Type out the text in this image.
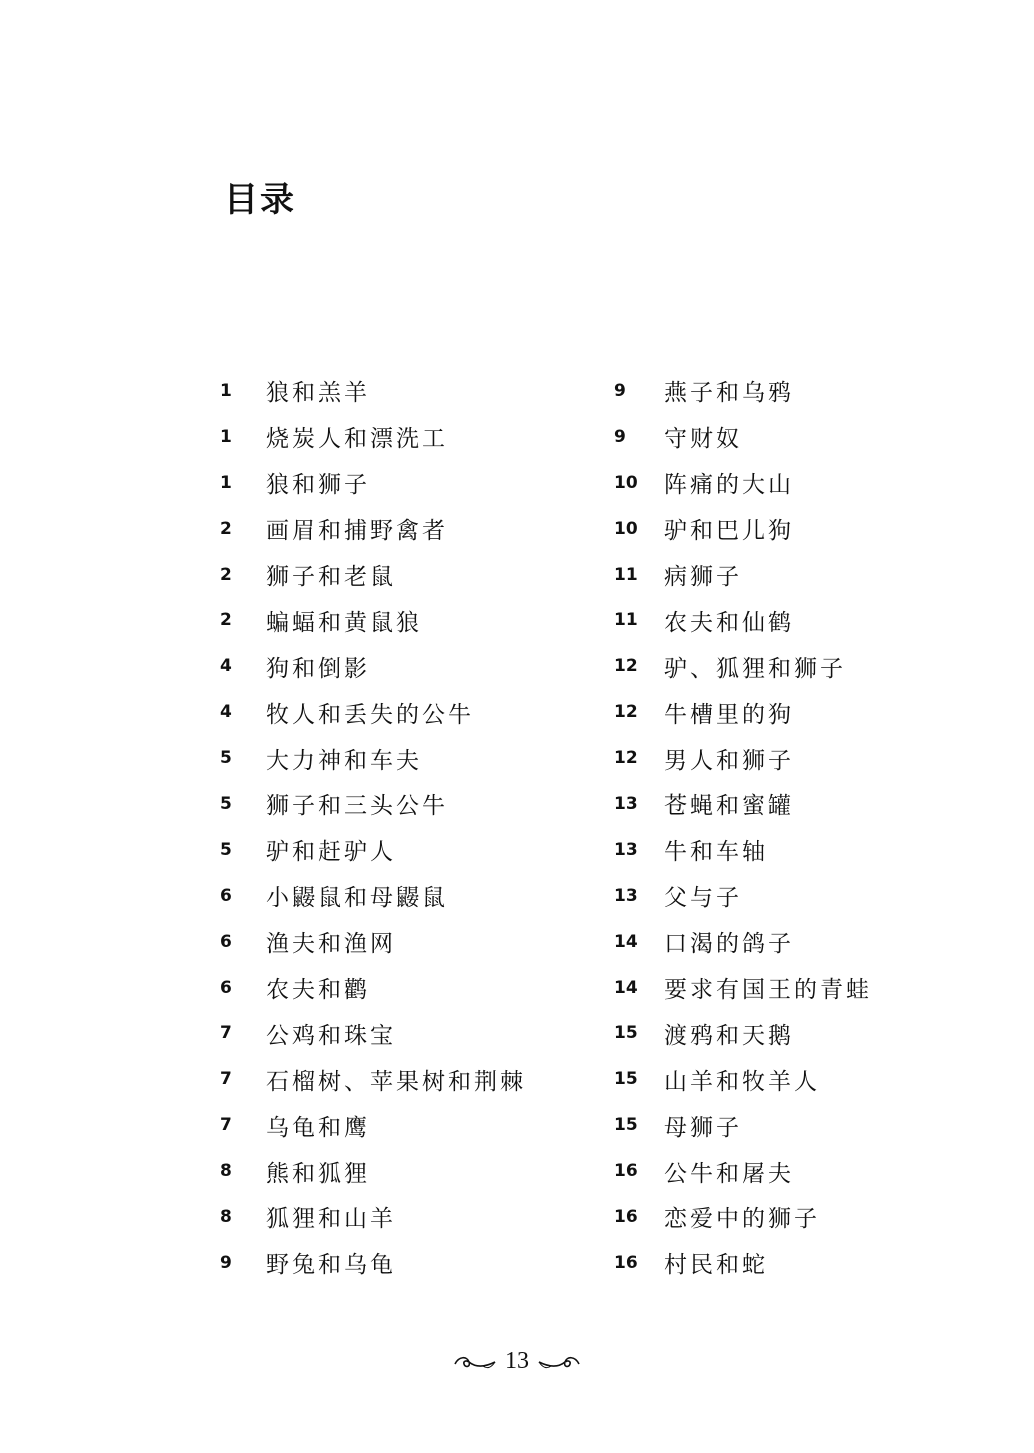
目录
1	狼和羔羊
1	烧炭人和漂洗工
1	狼和狮子
2	画眉和捕野禽者
2	狮子和老鼠
2	蝙蝠和黄鼠狼
4	狗和倒影
4	牧人和丢失的公牛
5	大力神和车夫
5	狮子和三头公牛
5	驴和赶驴人
6	小鼹鼠和母鼹鼠
6	渔夫和渔网
6	农夫和鹳
7	公鸡和珠宝
7	石榴树、苹果树和荆棘
7	乌龟和鹰
8	熊和狐狸
8	狐狸和山羊
9	野兔和乌龟
9	燕子和乌鸦
9	守财奴
10	阵痛的大山
10	驴和巴儿狗
11	病狮子
11	农夫和仙鹤
12	驴、狐狸和狮子
12	牛槽里的狗
12	男人和狮子
13	苍蝇和蜜罐
13	牛和车轴
13	父与子
14	口渴的鸽子
14	要求有国王的青蛙
15	渡鸦和天鹅
15	山羊和牧羊人
15	母狮子
16	公牛和屠夫
16	恋爱中的狮子
16	村民和蛇
13
